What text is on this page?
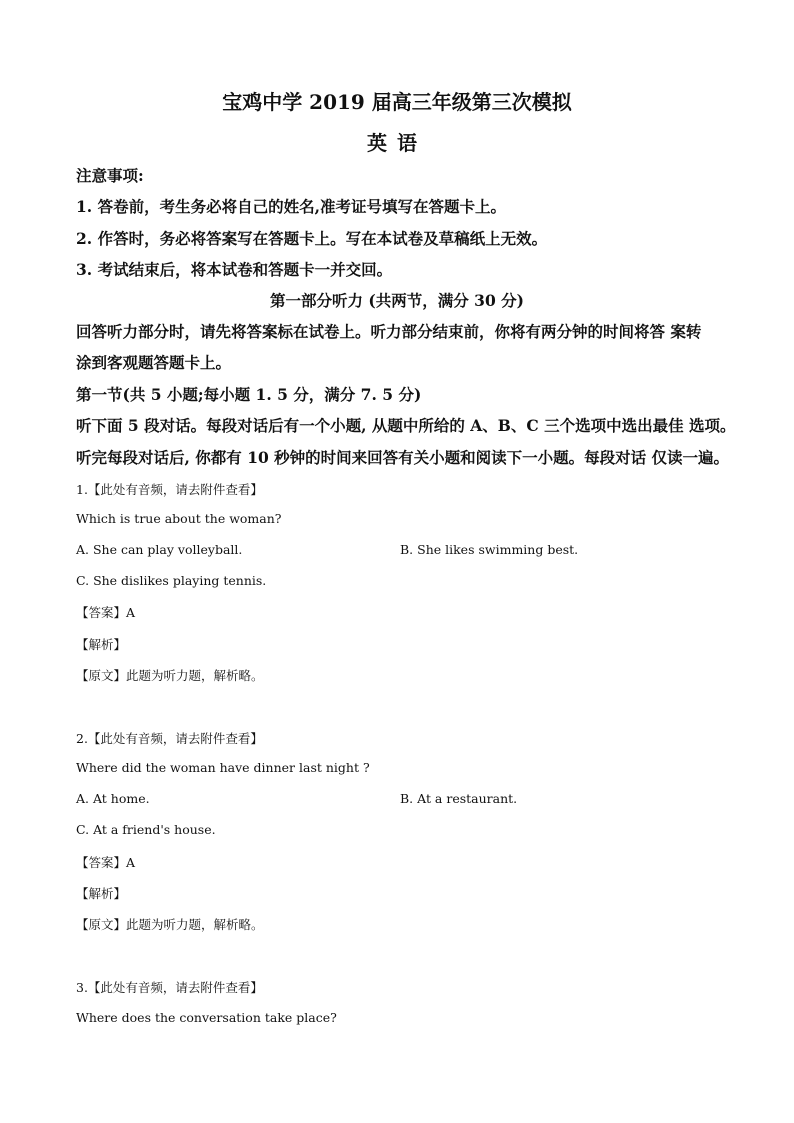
宝鸡中学 2019 届高三年级第三次模拟
英语
注意事项:
1. 答卷前，考生务必将自己的姓名,准考证号填写在答题卡上。
2. 作答时，务必将答案写在答题卡上。写在本试卷及草稿纸上无效。
3. 考试结束后，将本试卷和答题卡一并交回。
第一部分听力 (共两节，满分 30 分)
回答听力部分时，请先将答案标在试卷上。听力部分结束前，你将有两分钟的时间将答 案转
涂到客观题答题卡上。
第一节(共 5 小题;每小题 1. 5 分，满分 7. 5 分)
听下面 5 段对话。每段对话后有一个小题, 从题中所给的 A、B、C 三个选项中选出最佳 选项。
听完每段对话后, 你都有 10 秒钟的时间来回答有关小题和阅读下一小题。每段对话 仅读一遍。
1.【此处有音频，请去附件查看】
Which is true about the woman?
A. She can play volleyball.	B. She likes swimming best.
C. She dislikes playing tennis.
【答案】A
【解析】
【原文】此题为听力题，解析略。
2.【此处有音频，请去附件查看】
Where did the woman have dinner last night ?
A. At home.	B. At a restaurant.
C. At a friend's house.
【答案】A
【解析】
【原文】此题为听力题，解析略。
3.【此处有音频，请去附件查看】
Where does the conversation take place?
